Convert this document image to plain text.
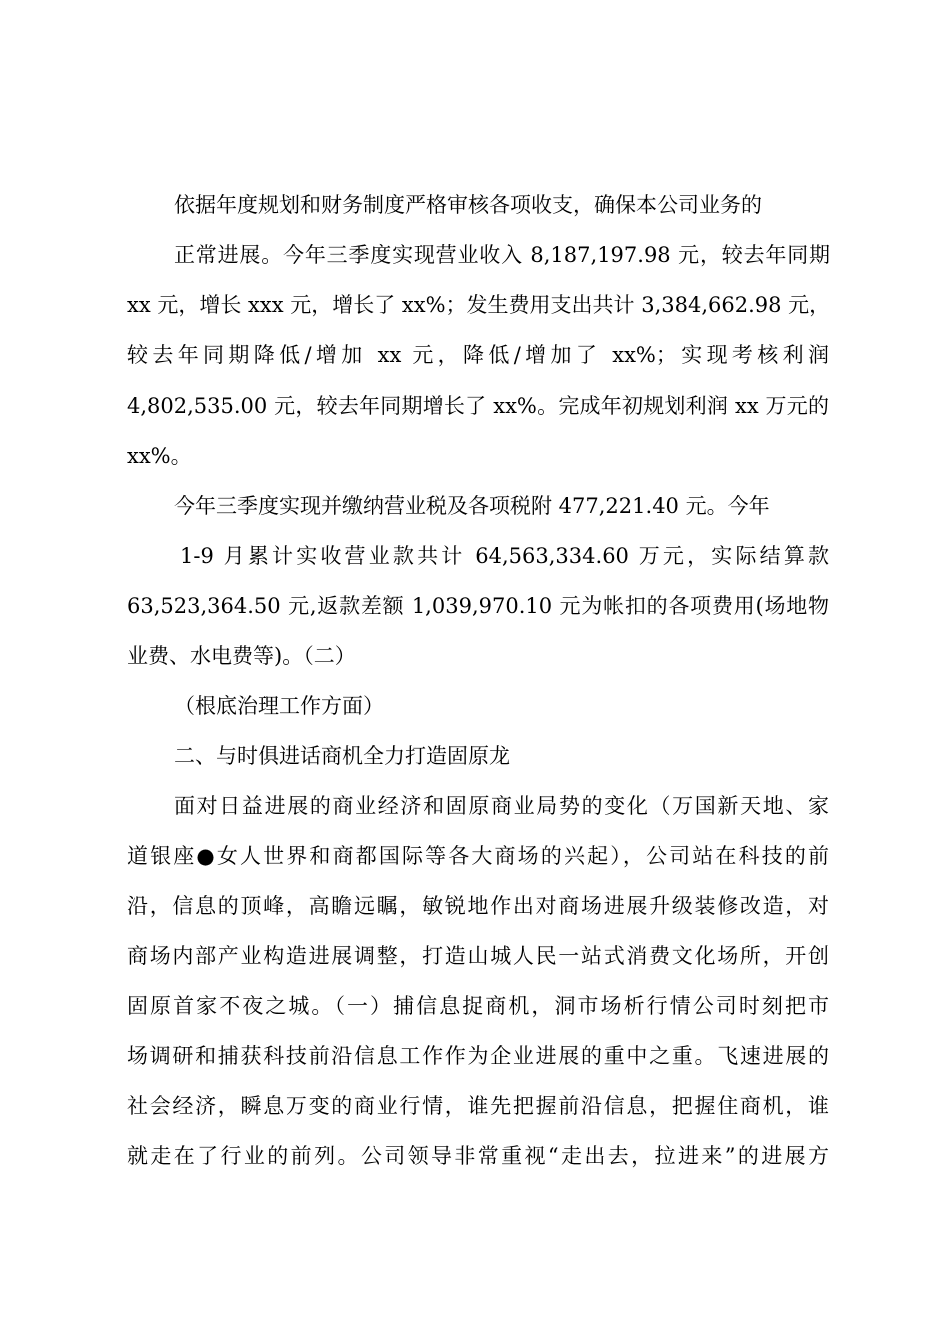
依据年度规划和财务制度严格审核各项收支，确保本公司业务的
正常进展。今年三季度实现营业收入 8,187,197.98 元，较去年同期
xx 元，增长 xxx 元，增长了 xx%；发生费用支出共计 3,384,662.98 元，
较去年同期降低/增加 xx 元，降低/增加了 xx%；实现考核利润
4,802,535.00 元，较去年同期增长了 xx%。完成年初规划利润 xx 万元的
xx%。
今年三季度实现并缴纳营业税及各项税附 477,221.40 元。今年
1-9 月累计实收营业款共计 64,563,334.60 万元，实际结算款
63,523,364.50 元,返款差额 1,039,970.10 元为帐扣的各项费用(场地物
业费、水电费等)。（二）
（根底治理工作方面）
二、与时俱进话商机全力打造固原龙
面对日益进展的商业经济和固原商业局势的变化（万国新天地、家
道银座●女人世界和商都国际等各大商场的兴起），公司站在科技的前
沿，信息的顶峰，高瞻远瞩，敏锐地作出对商场进展升级装修改造，对
商场内部产业构造进展调整，打造山城人民一站式消费文化场所，开创
固原首家不夜之城。（一）捕信息捉商机，洞市场析行情公司时刻把市
场调研和捕获科技前沿信息工作作为企业进展的重中之重。飞速进展的
社会经济，瞬息万变的商业行情，谁先把握前沿信息，把握住商机，谁
就走在了行业的前列。公司领导非常重视“走出去，拉进来”的进展方
